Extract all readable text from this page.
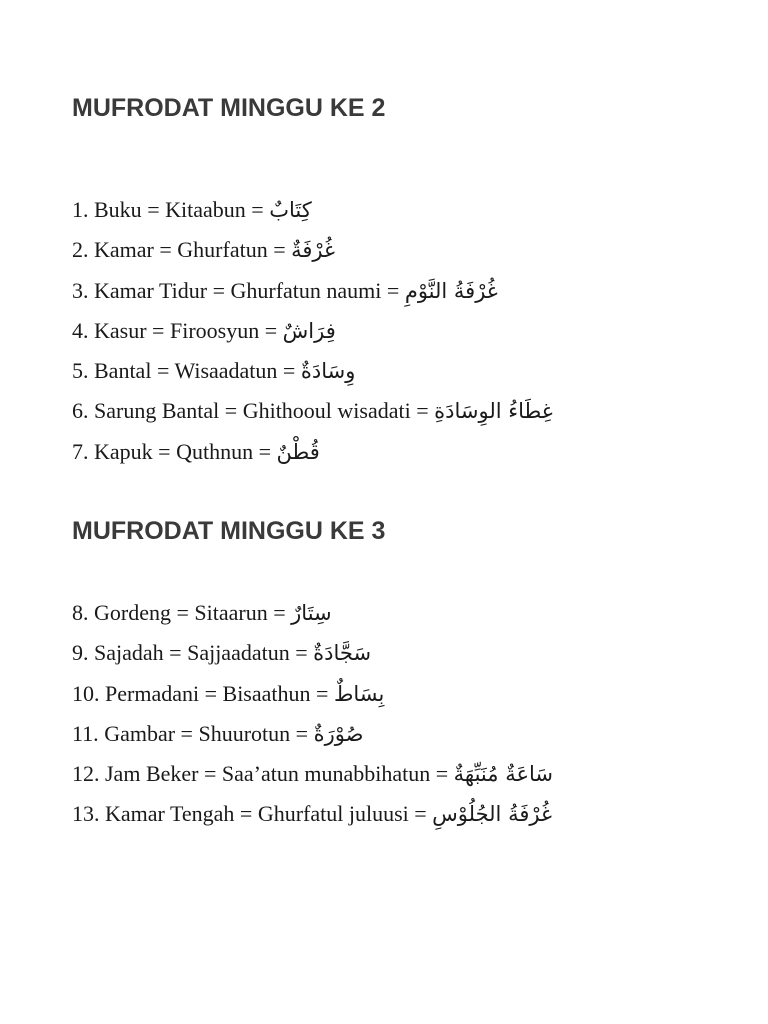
MUFRODAT MINGGU KE 2
1. Buku = Kitaabun = كِتَابٌ
2. Kamar = Ghurfatun = غُرْفَةٌ
3. Kamar Tidur = Ghurfatun naumi = غُرْفَةُ النَّوْمِ
4. Kasur = Firoosyun = فِرَاشٌ
5. Bantal = Wisaadatun = وِسَادَةٌ
6. Sarung Bantal = Ghithooul wisadati = غِطَاءُ الوِسَادَةِ
7. Kapuk = Quthnun = قُطْنٌ
MUFRODAT MINGGU KE 3
8. Gordeng = Sitaarun = سِتَارٌ
9. Sajadah = Sajjaadatun = سَجَّادَةٌ
10. Permadani = Bisaathun = بِسَاطٌ
11. Gambar = Shuurotun = صُوْرَةٌ
12. Jam Beker = Saa’atun munabbihatun = سَاعَةٌ مُنَبِّهَةٌ
13. Kamar Tengah = Ghurfatul juluusi = غُرْفَةُ الجُلُوْسِ
